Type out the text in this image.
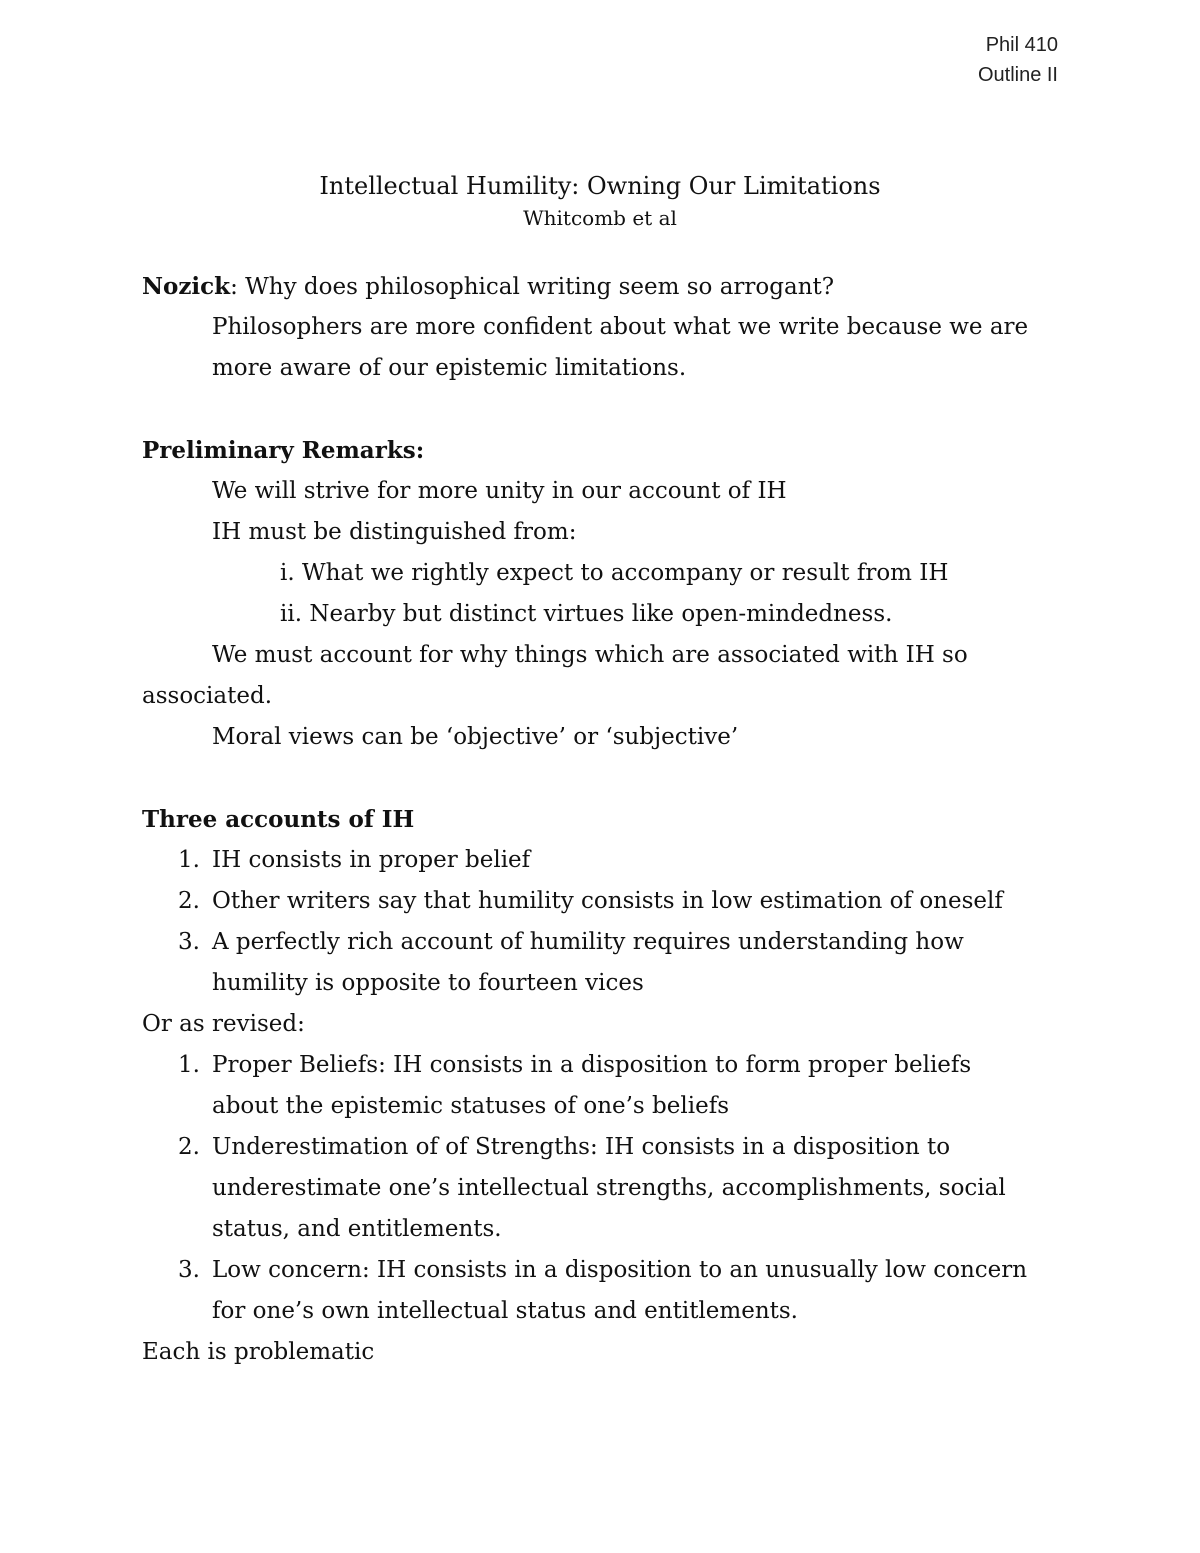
Phil 410
Outline II
Intellectual Humility: Owning Our Limitations
Whitcomb et al
Nozick: Why does philosophical writing seem so arrogant?
Philosophers are more confident about what we write because we are
more aware of our epistemic limitations.
Preliminary Remarks:
We will strive for more unity in our account of IH
IH must be distinguished from:
i. What we rightly expect to accompany or result from IH
ii. Nearby but distinct virtues like open-mindedness.
We must account for why things which are associated with IH so
associated.
Moral views can be ‘objective’ or ‘subjective’
Three accounts of IH
1. IH consists in proper belief
2. Other writers say that humility consists in low estimation of oneself
3. A perfectly rich account of humility requires understanding how
humility is opposite to fourteen vices
Or as revised:
1. Proper Beliefs: IH consists in a disposition to form proper beliefs
about the epistemic statuses of one’s beliefs
2. Underestimation of of Strengths: IH consists in a disposition to
underestimate one’s intellectual strengths, accomplishments, social
status, and entitlements.
3. Low concern: IH consists in a disposition to an unusually low concern
for one’s own intellectual status and entitlements.
Each is problematic
